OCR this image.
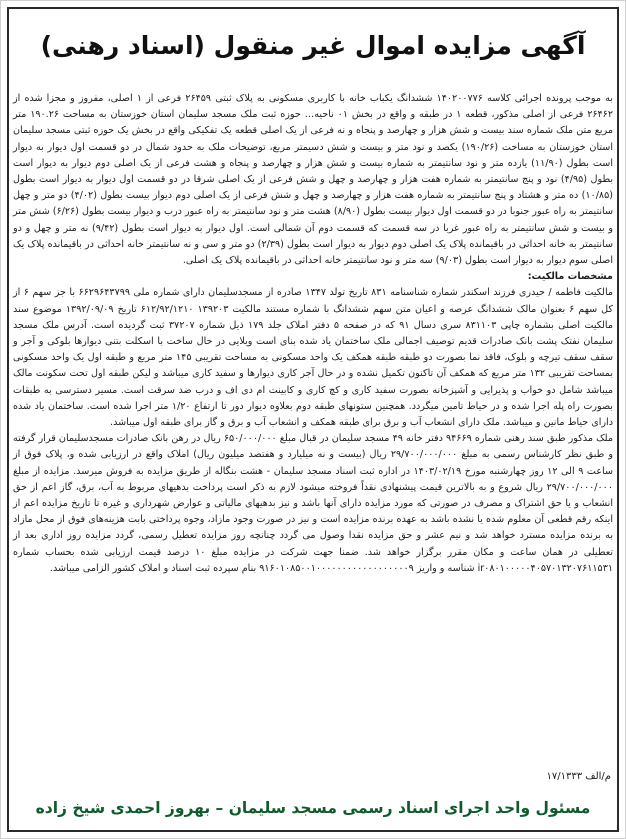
آگهی مزایده اموال غیر منقول (اسناد رهنی)

به موجب پرونده اجرائی کلاسه ۱۴۰۲۰۰۷۷۶ ششدانگ یکباب خانه با کاربری مسکونی به پلاک ثبتی ۲۶۴۵۹ فرعی از ۱ اصلی، مفروز و مجزا شده از ۲۶۴۶۲ فرعی از اصلی مذکور، قطعه ۱ در طبقه و واقع در بخش ۰۱ ناحیه… حوزه ثبت ملک مسجد سلیمان استان خوزستان به مساحت ۱۹۰.۲۶ متر مربع متن ملک شماره سند بیست و شش هزار و چهارصد و پنجاه و نه فرعی از یک اصلی قطعه یک تفکیکی واقع در بخش یک حوزه ثبتی مسجد سلیمان استان خوزستان به مساحت (۱۹۰/۲۶) یکصد و نود متر و بیست و شش دسیمتر مربع، توضیحات ملک به حدود شمال در دو قسمت اول دیوار به دیوار است بطول (۱۱/۹۰) یازده متر و نود سانتیمتر به شماره بیست و شش هزار و چهارصد و پنجاه و هشت فرعی از یک اصلی دوم دیوار به دیوار است بطول (۴/۹۵) نود و پنج سانتیمتر به شماره هفت هزار و چهارصد و چهل و شش فرعی از یک اصلی شرقا در دو قسمت اول دیوار به دیوار است بطول (۱۰/۸۵) ده متر و هشتاد و پنج سانتیمتر به شماره هفت هزار و چهارصد و چهل و شش فرعی از یک اصلی دوم دیوار بیست بطول (۴/۰۲) دو متر و چهل سانتیمتر به راه عبور جنوبا در دو قسمت اول دیوار بیست بطول (۸/۹۰) هشت متر و نود سانتیمتر به راه عبور درب و دیوار بیست بطول (۶/۲۶) شش متر و بیست و شش سانتیمتر به راه عبور غربا در سه قسمت که قسمت دوم آن شمالی است. اول دیوار به دیوار است بطول (۹/۴۲) نه متر و چهل و دو سانتیمتر به خانه احداثی در باقیمانده پلاک یک اصلی دوم دیوار به دیوار است بطول (۲/۳۹) دو متر و سی و نه سانتیمتر خانه احداثی در باقیمانده پلاک یک اصلی سوم دیوار به دیوار است بطول (۹/۰۳) سه متر و نود سانتیمتر خانه احداثی در باقیمانده پلاک یک اصلی.

مشخصات مالکیت:

مالکیت فاطمه / حیدری فرزند اسکندر شماره شناسنامه ۸۳۱ تاریخ تولد ۱۳۴۷ صادره از مسجدسلیمان دارای شماره ملی ۶۶۲۹۶۴۳۷۹۹ با جز سهم ۶ از کل سهم ۶ بعنوان مالک ششدانگ عرصه و اعیان متن سهم ششدانگ با شماره مستند مالکیت ۱۳۹۲۰۳ ۶۱۲/۹۲/۱۲۱۰ تاریخ ۱۳۹۲/۰۹/۰۹ موضوع سند مالکیت اصلی بشماره چاپی ۸۳۱۱۰۳ سری دسال ۹۱ که در صفحه ۵ دفتر املاک جلد ۱۷۹ ذیل شماره ۳۷۲۰۷ ثبت گردیده است. آدرس ملک مسجد سلیمان نفتک پشت بانک صادرات قدیم توصیف اجمالی ملک ساختمان یاد شده بنای است ویلایی در حال ساخت با اسکلت بتنی دیوارها بلوکی و آجر و سقف سقف تیرچه و بلوک، فاقد نما بصورت دو طبقه طبقه همکف یک واحد مسکونی به مساحت تقریبی ۱۴۵ متر مربع و طبقه اول یک واحد مسکونی بمساحت تقریبی ۱۳۲ متر مربع که همکف آن تاکنون تکمیل نشده و در حال آجر کاری دیوارها و سفید کاری میباشد و لیکن طبقه اول تحت سکونت مالک میباشد شامل دو خواب و پذیرایی و آشپزخانه بصورت سفید کاری و کچ کاری و کابینت ام دی اف و درب ضد سرقت است. مسیر دسترسی به طبقات بصورت راه پله اجرا شده و در حیاط تامین میگردد. همچنین ستونهای طبقه دوم بعلاوه دیوار دور تا ارتفاع ۱/۲۰ متر اجرا شده است. ساختمان یاد شده دارای حیاط مانین و میباشد. ملک دارای انشعاب آب و برق برای طبقه همکف و انشعاب آب و برق و گاز برای طبقه اول میباشد.

ملک مذکور طبق سند رهنی شماره ۹۴۶۶۹ دفتر خانه ۴۹ مسجد سلیمان در قبال مبلغ ۶۵۰/۰۰۰/۰۰۰ ریال در رهن بانک صادرات مسجدسلیمان قرار گرفته و طبق نظر کارشناس رسمی به مبلغ ۲۹/۷۰۰/۰۰۰/۰۰۰ ریال (بیست و نه میلیارد و هفتصد میلیون ریال) املاک واقع در ارزیابی شده و، پلاک فوق از ساعت ۹ الی ۱۲ روز چهارشنبه مورخ ۱۴۰۳/۰۲/۱۹ در اداره ثبت اسناد مسجد سلیمان - هشت بنگاله از طریق مزایده به فروش میرسد. مزایده از مبلغ ۲۹/۷۰۰/۰۰۰/۰۰۰ ریال شروع و به بالاترین قیمت پیشنهادی نقداً فروخته میشود لازم به ذکر است پرداخت بدهیهای مربوط به آب، برق، گاز اعم از حق انشعاب و یا حق اشتراک و مصرف در صورتی که مورد مزایده دارای آنها باشد و نیز بدهیهای مالیاتی و عوارض شهرداری و غیره تا تاریخ مزایده اعم از اینکه رقم قطعی آن معلوم شده یا نشده باشد به عهده برنده مزایده است و نیز در صورت وجود مازاد، وجوه پرداختی بابت هزینه‌های فوق از محل مازاد به برنده مزایده مسترد خواهد شد و نیم عشر و حق مزایده نقدا وصول می گردد چنانچه روز مزایده تعطیل رسمی، گردد مزایده روز اداری بعد از تعطیلی در همان ساعت و مکان مقرر برگزار خواهد شد. ضمنا جهت شرکت در مزایده مبلغ ۱۰ درصد قیمت ارزیابی شده بحساب شماره ir۰۸۰۱۰۰۰۰۰۴۰۵۷۰۱۳۲۰۷۶۱۱۵۳۱ شناسه و واریز ۹۱۶۰۱۰۸۵۰۰۱۰۰۰۰۰۰۰۰۰۰۰۰۰۰۰۰۰۰۹ بنام سپرده ثبت اسناد و املاک کشور الزامی میباشد.

م/الف ۱۷/۱۳۳۳
مسئول واحد اجرای اسناد رسمی مسجد سلیمان – بهروز احمدی شیخ زاده
